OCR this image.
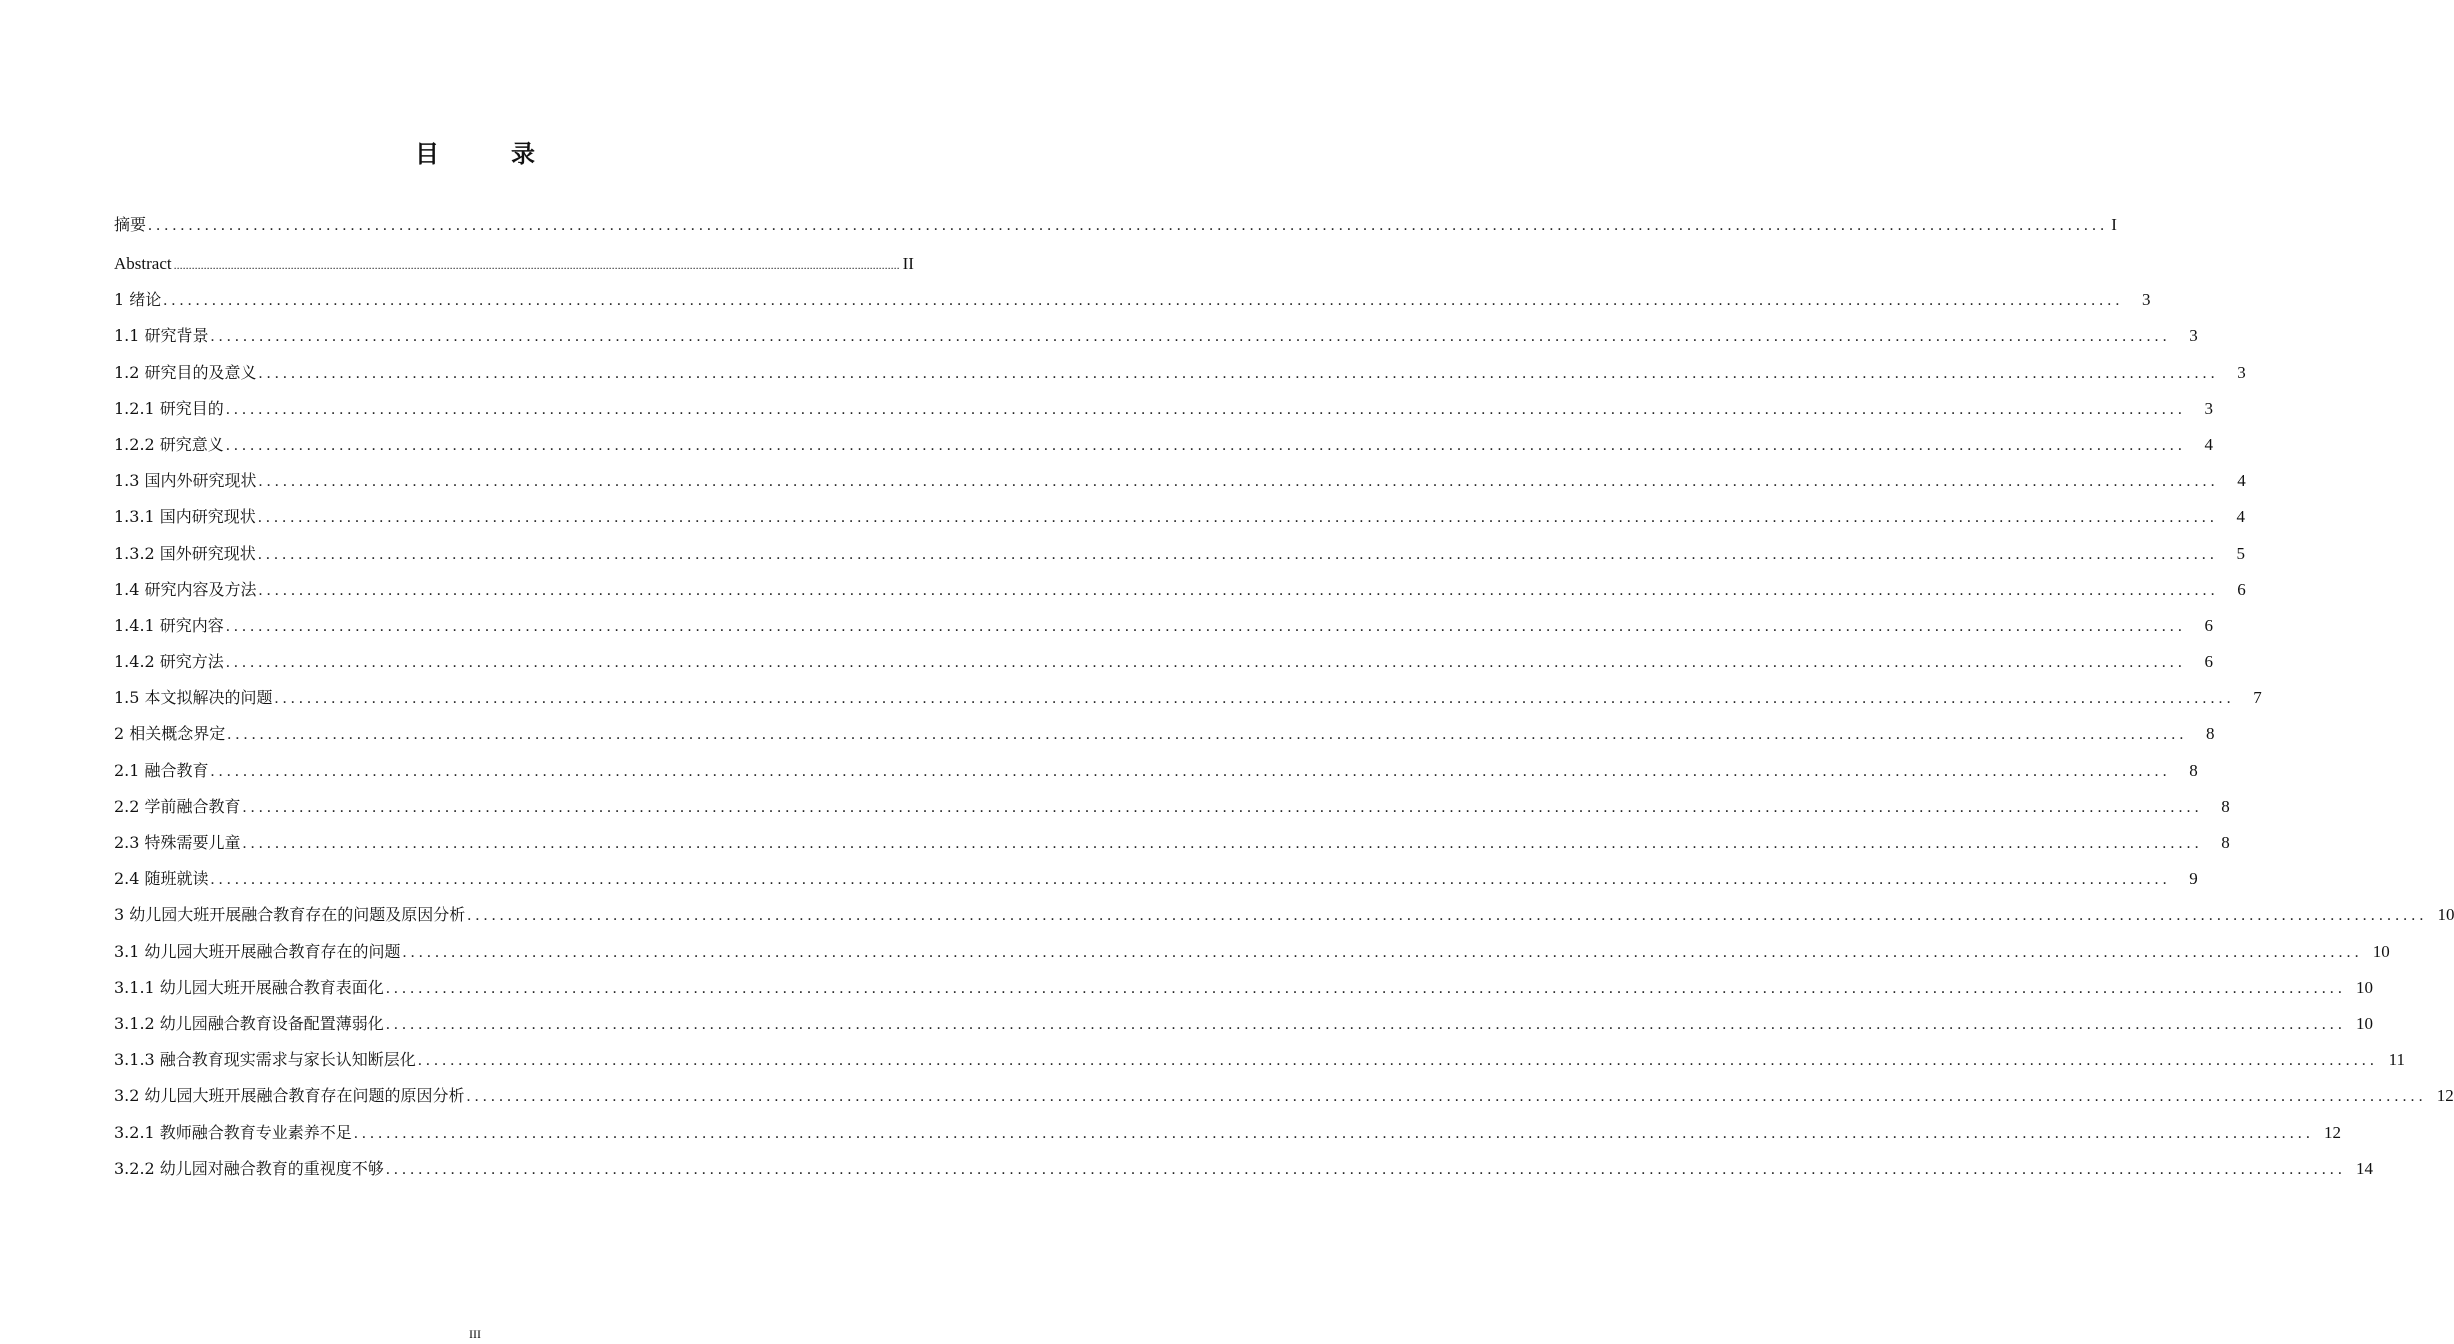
目　录
摘要 .................................................................................................................................................................................................................................................. I
Abstract .................................................................................................................................................................................................................................................. II
1 绪论 ..................................................................................................................................................................................................................................................	3
1.1 研究背景 ..................................................................................................................................................................................................................................................	3
1.2 研究目的及意义 ..................................................................................................................................................................................................................................................	3
1.2.1 研究目的 ..................................................................................................................................................................................................................................................	3
1.2.2 研究意义 ..................................................................................................................................................................................................................................................	4
1.3 国内外研究现状 ..................................................................................................................................................................................................................................................	4
1.3.1 国内研究现状 ..................................................................................................................................................................................................................................................	4
1.3.2 国外研究现状 ..................................................................................................................................................................................................................................................	5
1.4 研究内容及方法 ..................................................................................................................................................................................................................................................	6
1.4.1 研究内容 ..................................................................................................................................................................................................................................................	6
1.4.2 研究方法 ..................................................................................................................................................................................................................................................	6
1.5 本文拟解决的问题 ..................................................................................................................................................................................................................................................	7
2 相关概念界定 ..................................................................................................................................................................................................................................................	8
2.1 融合教育 ..................................................................................................................................................................................................................................................	8
2.2 学前融合教育 ..................................................................................................................................................................................................................................................	8
2.3 特殊需要儿童 ..................................................................................................................................................................................................................................................	8
2.4 随班就读 ..................................................................................................................................................................................................................................................	9
3 幼儿园大班开展融合教育存在的问题及原因分析 .................................................................................................................................................................................................................................................. 10
3.1 幼儿园大班开展融合教育存在的问题 .................................................................................................................................................................................................................................................. 10
3.1.1 幼儿园大班开展融合教育表面化 .................................................................................................................................................................................................................................................. 10
3.1.2 幼儿园融合教育设备配置薄弱化 .................................................................................................................................................................................................................................................. 10
3.1.3 融合教育现实需求与家长认知断层化 .................................................................................................................................................................................................................................................. 11
3.2 幼儿园大班开展融合教育存在问题的原因分析 .................................................................................................................................................................................................................................................. 12
3.2.1 教师融合教育专业素养不足 .................................................................................................................................................................................................................................................. 12
3.2.2 幼儿园对融合教育的重视度不够 .................................................................................................................................................................................................................................................. 14
III
